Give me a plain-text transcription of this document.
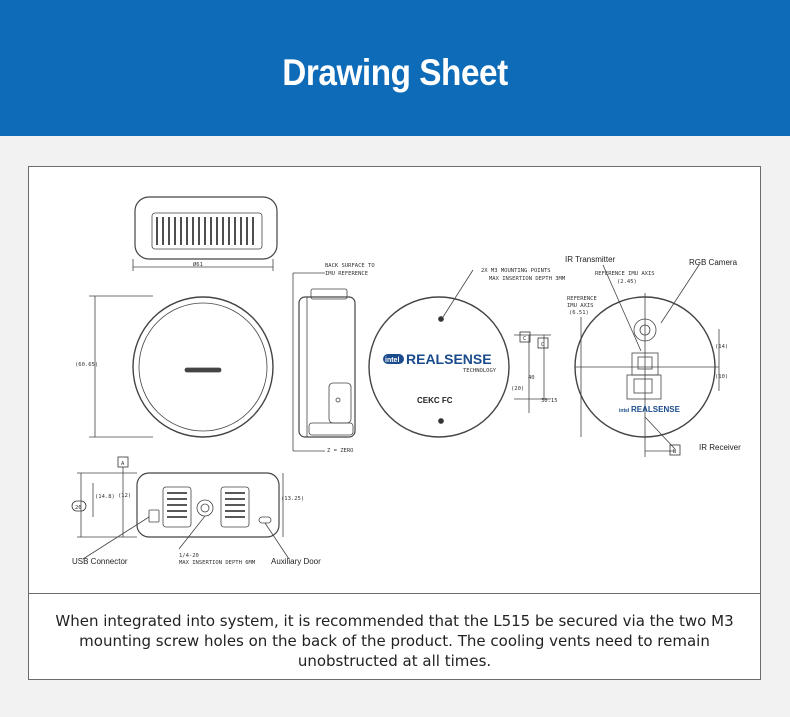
Drawing Sheet
Ø61
(60.65)
BACK SURFACE TO
IMU REFERENCE
Z = ZERO
2X M3 MOUNTING POINTS
MAX INSERTION DEPTH 3MM
intel REALSENSE
TECHNOLOGY
CEKC FC
C
(20)
40
IR Transmitter	RGB Camera
IR Receiver
REFERENCE IMU AXIS
(2.45)
REFERENCE
IMU AXIS
(6.51)
(14)
(10)
30.15
C
B
intel REALSENSE
A
(14.8) (12)
26
(13.25)
USB Connector	Auxiliary Door
1/4-20
MAX INSERTION DEPTH 6MM
When integrated into system, it is recommended that the L515 be secured via the two M3 mounting screw holes on the back of the product. The cooling vents need to remain unobstructed at all times.
